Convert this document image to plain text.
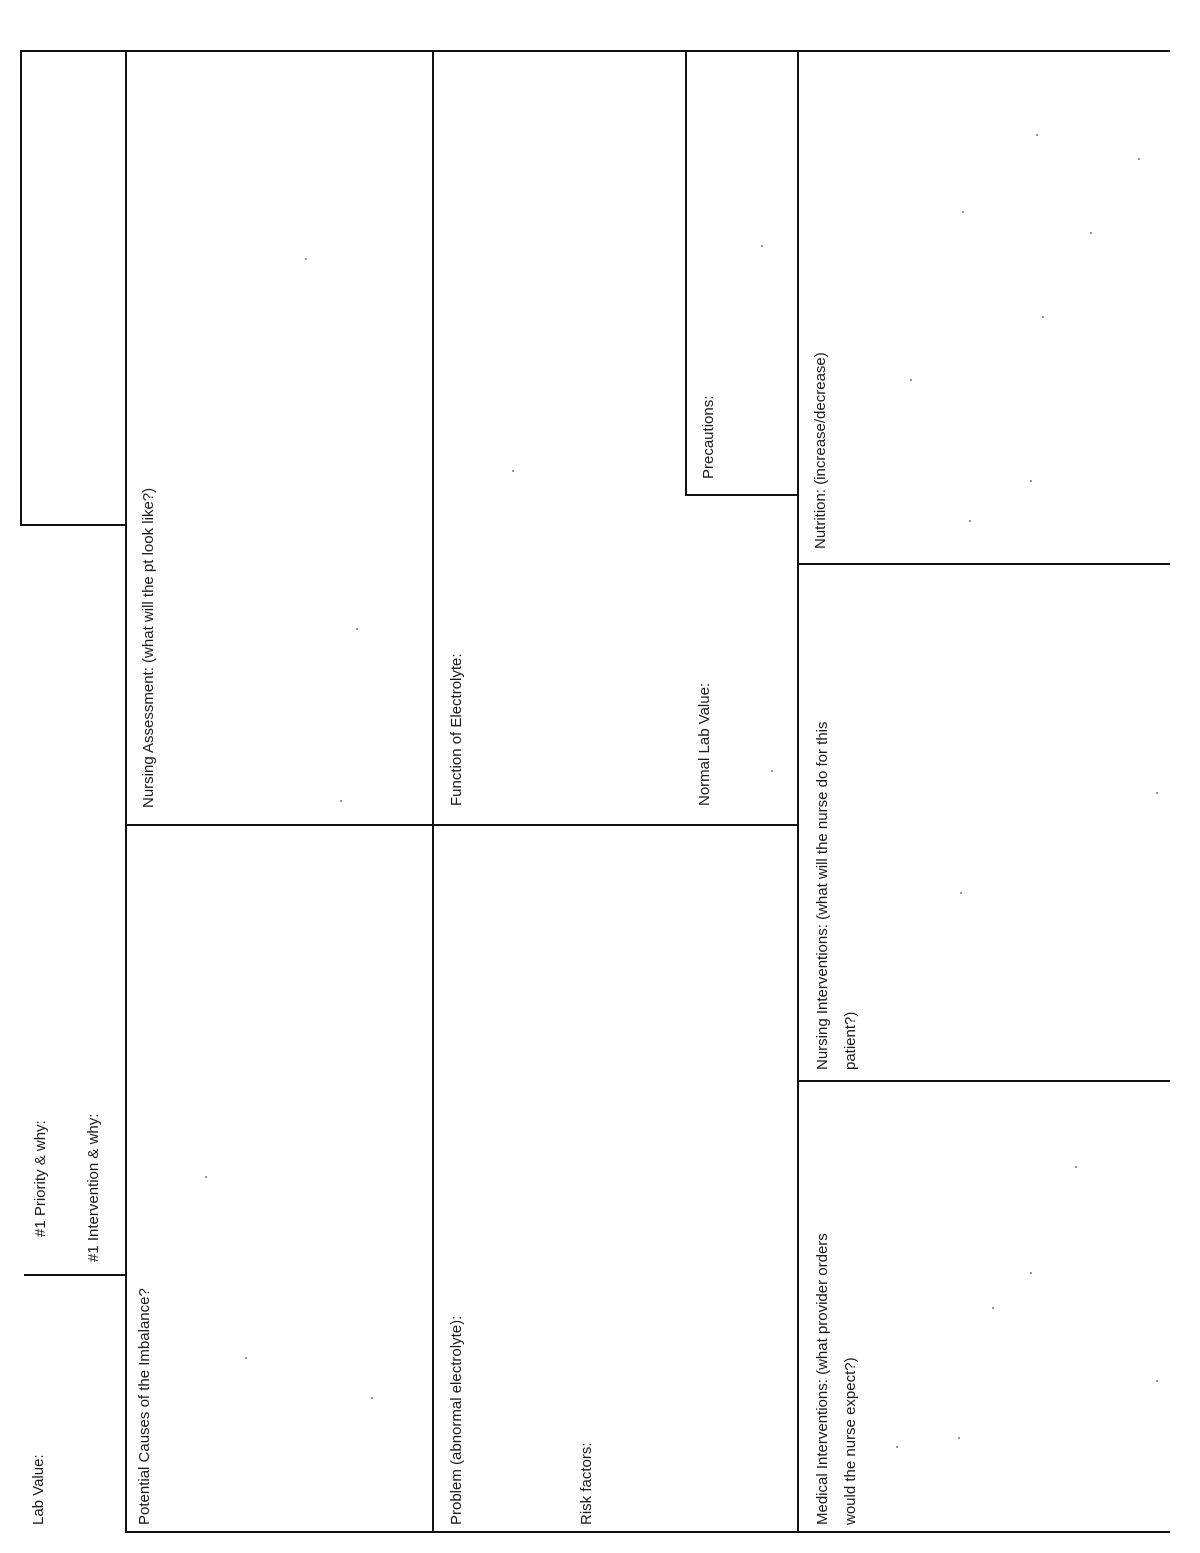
Lab Value:
#1 Priority & why: #1 Intervention & why:
Potential Causes of the Imbalance?
Nursing Assessment: (what will the pt look like?)
Problem (abnormal electrolyte):	Risk factors:
Function of Electrolyte:	Normal Lab Value:
Precautions:
Medical Interventions: (what provider orders would the nurse expect?)
Nursing Interventions: (what will the nurse do for this patient?)
Nutrition: (increase/decrease)
